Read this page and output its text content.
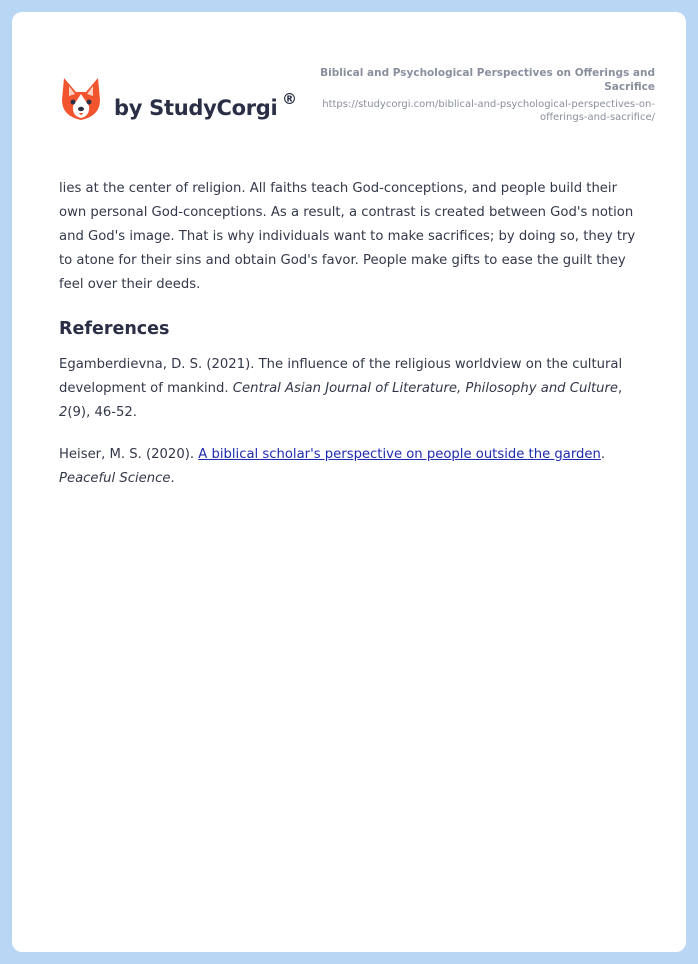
by StudyCorgi ®
Biblical and Psychological Perspectives on Offerings and Sacrifice
https://studycorgi.com/biblical-and-psychological-perspectives-on-offerings-and-sacrifice/

lies at the center of religion. All faiths teach God-conceptions, and people build their own personal God-conceptions. As a result, a contrast is created between God's notion and God's image. That is why individuals want to make sacrifices; by doing so, they try to atone for their sins and obtain God's favor. People make gifts to ease the guilt they feel over their deeds.

References

Egamberdievna, D. S. (2021). The influence of the religious worldview on the cultural development of mankind. Central Asian Journal of Literature, Philosophy and Culture, 2(9), 46-52.

Heiser, M. S. (2020). A biblical scholar's perspective on people outside the garden. Peaceful Science.
